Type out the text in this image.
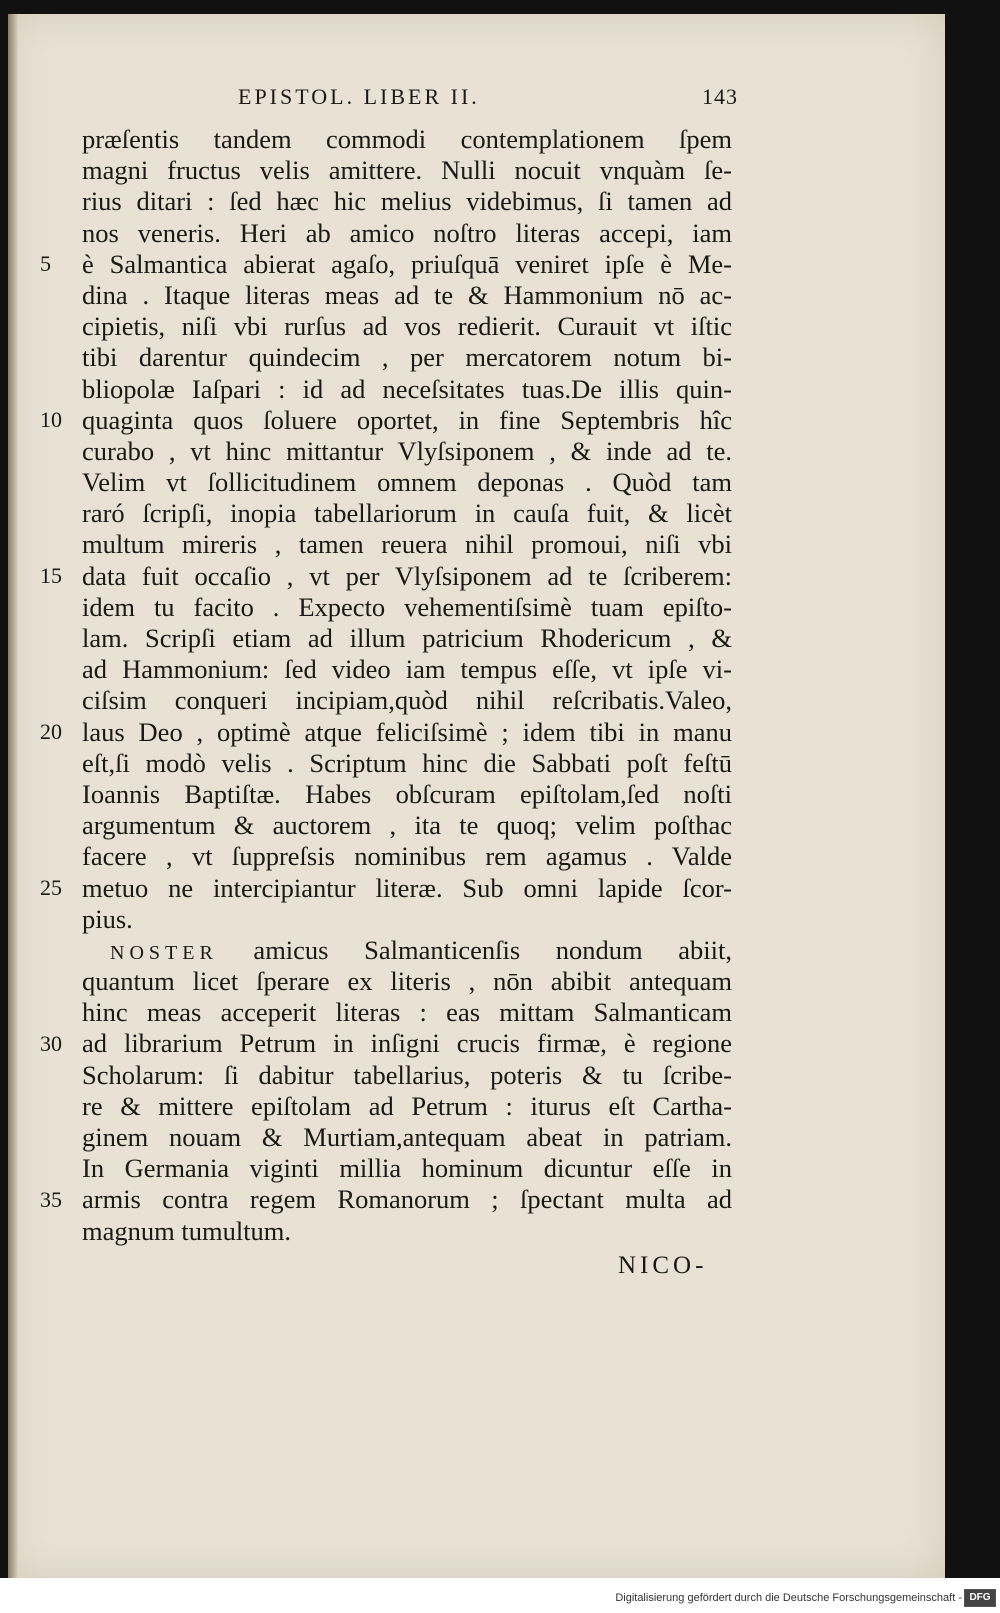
EPISTOL. LIBER II.	143
præſentis tandem commodi contemplationem ſpem
magni fructus velis amittere. Nulli nocuit vnquàm ſe-
rius ditari : ſed hæc hic melius videbimus, ſi tamen ad
nos veneris. Heri ab amico noſtro literas accepi, iam
è Salmantica abierat agaſo, priuſquā veniret ipſe è Me-
dina . Itaque literas meas ad te & Hammonium nō ac-
cipietis, niſi vbi rurſus ad vos redierit. Curauit vt iſtic
tibi darentur quindecim , per mercatorem notum bi-
bliopolæ Iaſpari : id ad neceſsitates tuas.De illis quin-
quaginta quos ſoluere oportet, in fine Septembris hîc
curabo , vt hinc mittantur Vlyſsiponem , & inde ad te.
Velim vt ſollicitudinem omnem deponas . Quòd tam
raró ſcripſi, inopia tabellariorum in cauſa fuit, & licèt
multum mireris , tamen reuera nihil promoui, niſi vbi
data fuit occaſio , vt per Vlyſsiponem ad te ſcriberem:
idem tu facito . Expecto vehementiſsimè tuam epiſto-
lam. Scripſi etiam ad illum patricium Rhodericum , &
ad Hammonium: ſed video iam tempus eſſe, vt ipſe vi-
ciſsim conqueri incipiam,quòd nihil reſcribatis.Valeo,
laus Deo , optimè atque feliciſsimè ; idem tibi in manu
eſt,ſi modò velis . Scriptum hinc die Sabbati poſt feſtū
Ioannis Baptiſtæ. Habes obſcuram epiſtolam,ſed noſti
argumentum & auctorem , ita te quoq; velim poſthac
facere , vt ſuppreſsis nominibus rem agamus . Valde
metuo ne intercipiantur literæ. Sub omni lapide ſcor-
pius.
NOSTER amicus Salmanticenſis nondum abiit,
quantum licet ſperare ex literis , nōn abibit antequam
hinc meas acceperit literas : eas mittam Salmanticam
ad librarium Petrum in inſigni crucis firmæ, è regione
Scholarum: ſi dabitur tabellarius, poteris & tu ſcribe-
re & mittere epiſtolam ad Petrum : iturus eſt Cartha-
ginem nouam & Murtiam,antequam abeat in patriam.
In Germania viginti millia hominum dicuntur eſſe in
armis contra regem Romanorum ; ſpectant multa ad
magnum tumultum.
5
10
15
20
25
30
35
NICO-
Digitalisierung gefördert durch die Deutsche Forschungsgemeinschaft - DFG
